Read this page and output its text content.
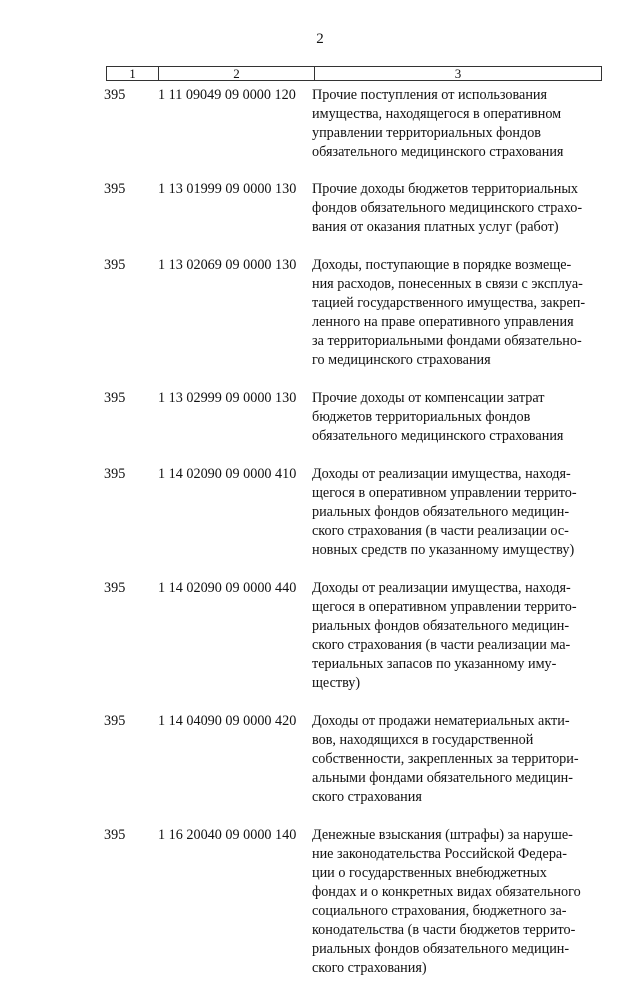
2
1	2	3
395 1 11 09049 09 0000 120 Прочие поступления от использования
имущества, находящегося в оперативном
управлении территориальных фондов
обязательного медицинского страхования
395 1 13 01999 09 0000 130 Прочие доходы бюджетов территориальных
фондов обязательного медицинского страхо-
вания от оказания платных услуг (работ)
395 1 13 02069 09 0000 130 Доходы, поступающие в порядке возмеще-
ния расходов, понесенных в связи с эксплуа-
тацией государственного имущества, закреп-
ленного на праве оперативного управления
за территориальными фондами обязательно-
го медицинского страхования
395 1 13 02999 09 0000 130 Прочие доходы от компенсации затрат
бюджетов территориальных фондов
обязательного медицинского страхования
395 1 14 02090 09 0000 410 Доходы от реализации имущества, находя-
щегося в оперативном управлении террито-
риальных фондов обязательного медицин-
ского страхования (в части реализации ос-
новных средств по указанному имуществу)
395 1 14 02090 09 0000 440 Доходы от реализации имущества, находя-
щегося в оперативном управлении террито-
риальных фондов обязательного медицин-
ского страхования (в части реализации ма-
териальных запасов по указанному иму-
ществу)
395 1 14 04090 09 0000 420 Доходы от продажи нематериальных акти-
вов, находящихся в государственной
собственности, закрепленных за территори-
альными фондами обязательного медицин-
ского страхования
395 1 16 20040 09 0000 140 Денежные взыскания (штрафы) за наруше-
ние законодательства Российской Федера-
ции о государственных внебюджетных
фондах и о конкретных видах обязательного
социального страхования, бюджетного за-
конодательства (в части бюджетов террито-
риальных фондов обязательного медицин-
ского страхования)
